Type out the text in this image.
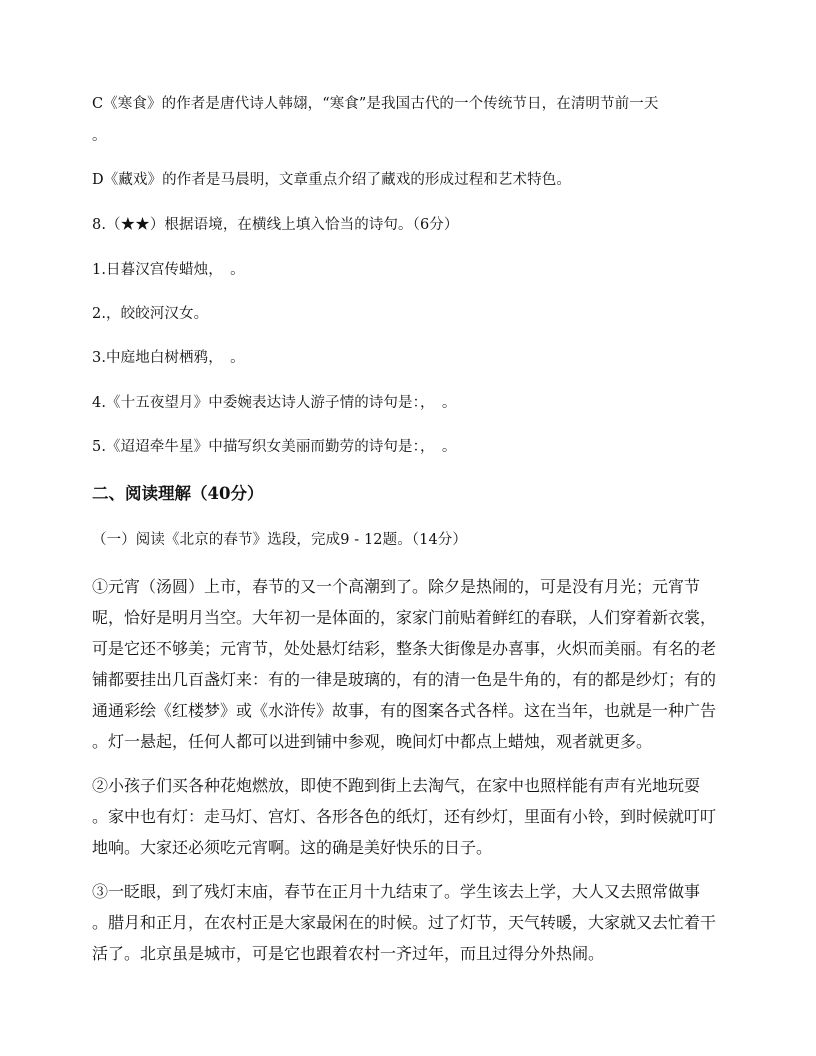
C《寒食》的作者是唐代诗人韩翃，“寒食”是我国古代的一个传统节日，在清明节前一天
。
D《藏戏》的作者是马晨明，文章重点介绍了藏戏的形成过程和艺术特色。
8.（★★）根据语境，在横线上填入恰当的诗句。（6分）
1.日暮汉宫传蜡烛，　。
2.，皎皎河汉女。
3.中庭地白树栖鸦，　。
4.《十五夜望月》中委婉表达诗人游子情的诗句是：，　。
5.《迢迢牵牛星》中描写织女美丽而勤劳的诗句是：，　。
二、阅读理解（40分）
（一）阅读《北京的春节》选段，完成9 - 12题。（14分）
①元宵（汤圆）上市，春节的又一个高潮到了。除夕是热闹的，可是没有月光；元宵节
呢，恰好是明月当空。大年初一是体面的，家家门前贴着鲜红的春联，人们穿着新衣裳，
可是它还不够美；元宵节，处处悬灯结彩，整条大街像是办喜事，火炽而美丽。有名的老
铺都要挂出几百盏灯来：有的一律是玻璃的，有的清一色是牛角的，有的都是纱灯；有的
通通彩绘《红楼梦》或《水浒传》故事，有的图案各式各样。这在当年，也就是一种广告
。灯一悬起，任何人都可以进到铺中参观，晚间灯中都点上蜡烛，观者就更多。
②小孩子们买各种花炮燃放，即使不跑到街上去淘气，在家中也照样能有声有光地玩耍
。家中也有灯：走马灯、宫灯、各形各色的纸灯，还有纱灯，里面有小铃，到时候就叮叮
地响。大家还必须吃元宵啊。这的确是美好快乐的日子。
③一眨眼，到了残灯末庙，春节在正月十九结束了。学生该去上学，大人又去照常做事
。腊月和正月，在农村正是大家最闲在的时候。过了灯节，天气转暖，大家就又去忙着干
活了。北京虽是城市，可是它也跟着农村一齐过年，而且过得分外热闹。
